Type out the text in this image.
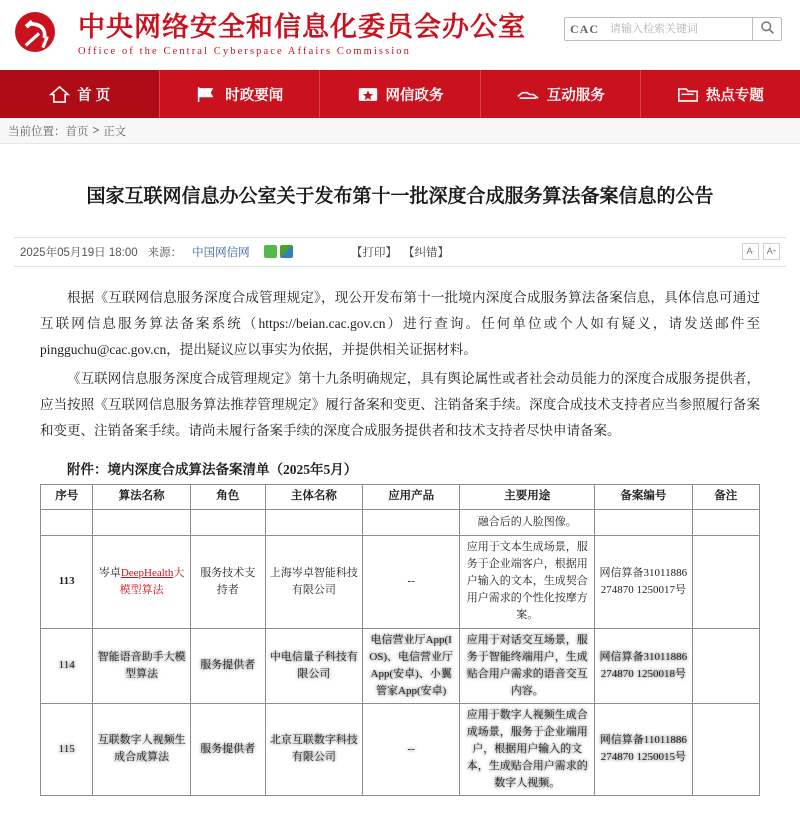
中央网络安全和信息化委员会办公室
Office of the Central Cyberspace Affairs Commission
CAC
请输入检索关键词
首 页	时政要闻	网信政务	互动服务	热点专题
当前位置： 首页 > 正文
国家互联网信息办公室关于发布第十一批深度合成服务算法备案信息的公告
2025年05月19日 18:00 来源： 中国网信网	【打印】 【纠错】	A -	A +

根据《互联网信息服务深度合成管理规定》，现公开发布第十一批境内深度合成服务算法备案信息，具体信息可通过互联网信息服务算法备案系统（https://beian.cac.gov.cn）进行查询。任何单位或个人如有疑义，请发送邮件至pingguchu@cac.gov.cn，提出疑议应以事实为依据，并提供相关证据材料。

《互联网信息服务深度合成管理规定》第十九条明确规定，具有舆论属性或者社会动员能力的深度合成服务提供者，应当按照《互联网信息服务算法推荐管理规定》履行备案和变更、注销备案手续。深度合成技术支持者应当参照履行备案和变更、注销备案手续。请尚未履行备案手续的深度合成服务提供者和技术支持者尽快申请备案。

附件：境内深度合成算法备案清单（2025年5月）
序号	算法名称	角色	主体名称	应用产品	主要用途	备案编号	备注
					融合后的人脸图像。		
113	岑卓DeepHealth大模型算法	服务技术支持者	上海岑卓智能科技有限公司	--	应用于文本生成场景，服务于企业端客户，根据用户输入的文本，生成契合用户需求的个性化按摩方案。	网信算备31011886274870 1250017号	
114	智能语音助手大模型算法	服务提供者	中电信量子科技有限公司	电信营业厅App(IOS)、电信营业厅App(安卓)、小翼管家App(安卓)	应用于对话交互场景，服务于智能终端用户，生成贴合用户需求的语音交互内容。	网信算备31011886274870 1250018号	
115	互联数字人视频生成合成算法	服务提供者	北京互联数字科技有限公司	--	应用于数字人视频生成合成场景，服务于企业端用户，根据用户输入的文本，生成贴合用户需求的数字人视频。	网信算备11011886274870 1250015号	
